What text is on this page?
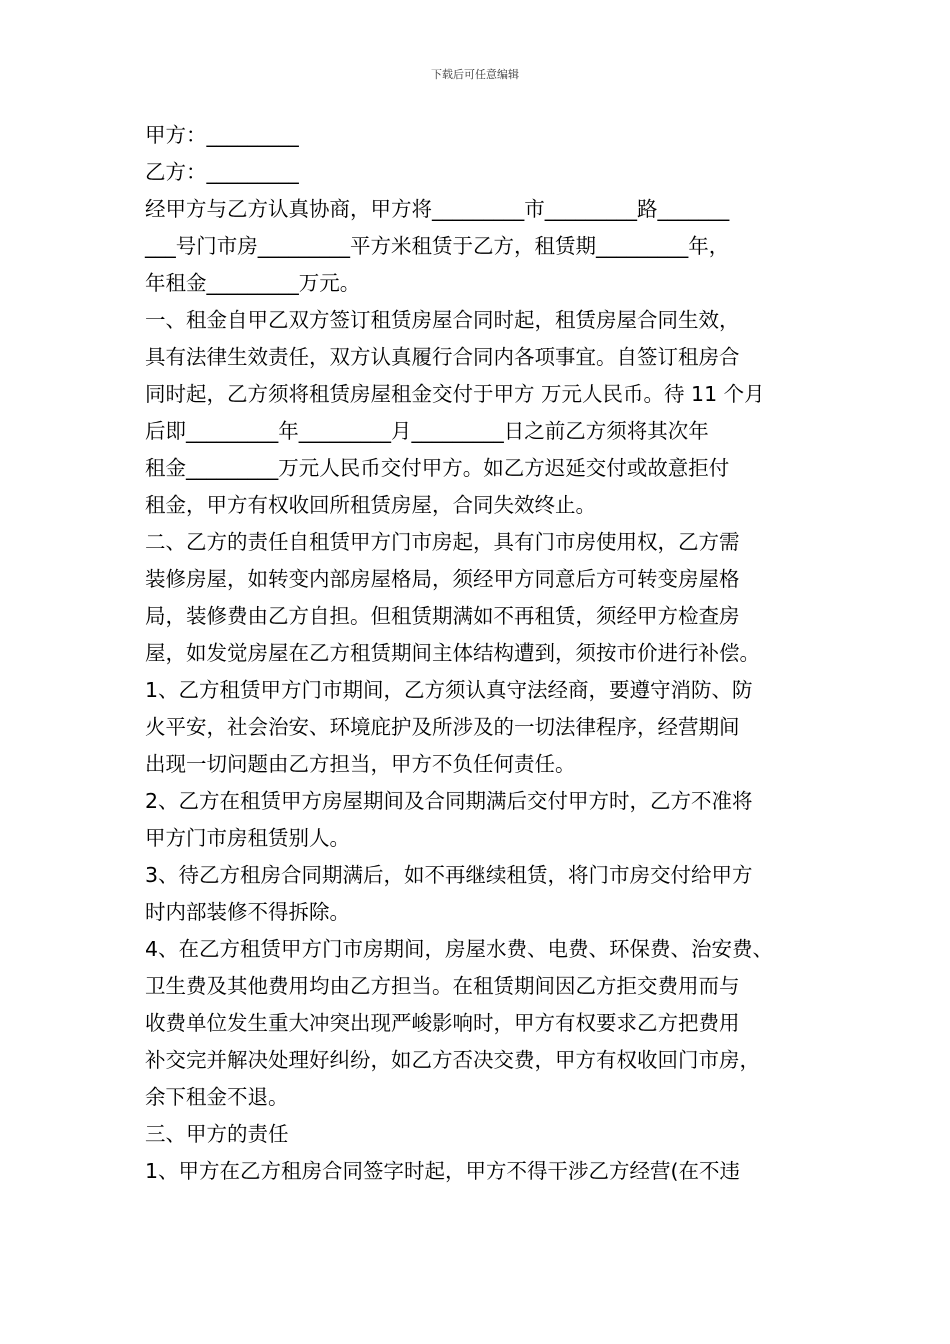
下载后可任意编辑
甲方：_________
乙方：_________
经甲方与乙方认真协商，甲方将_________市_________路_______
___号门市房_________平方米租赁于乙方，租赁期_________年，
年租金_________万元。
一、租金自甲乙双方签订租赁房屋合同时起，租赁房屋合同生效，
具有法律生效责任，双方认真履行合同内各项事宜。自签订租房合
同时起，乙方须将租赁房屋租金交付于甲方 万元人民币。待 11 个月
后即_________年_________月_________日之前乙方须将其次年
租金_________万元人民币交付甲方。如乙方迟延交付或故意拒付
租金，甲方有权收回所租赁房屋，合同失效终止。
二、乙方的责任自租赁甲方门市房起，具有门市房使用权，乙方需
装修房屋，如转变内部房屋格局，须经甲方同意后方可转变房屋格
局，装修费由乙方自担。但租赁期满如不再租赁，须经甲方检查房
屋，如发觉房屋在乙方租赁期间主体结构遭到，须按市价进行补偿。
1、乙方租赁甲方门市期间，乙方须认真守法经商，要遵守消防、防
火平安，社会治安、环境庇护及所涉及的一切法律程序，经营期间
出现一切问题由乙方担当，甲方不负任何责任。
2、乙方在租赁甲方房屋期间及合同期满后交付甲方时，乙方不准将
甲方门市房租赁别人。
3、待乙方租房合同期满后，如不再继续租赁，将门市房交付给甲方
时内部装修不得拆除。
4、在乙方租赁甲方门市房期间，房屋水费、电费、环保费、治安费、
卫生费及其他费用均由乙方担当。在租赁期间因乙方拒交费用而与
收费单位发生重大冲突出现严峻影响时，甲方有权要求乙方把费用
补交完并解决处理好纠纷，如乙方否决交费，甲方有权收回门市房，
余下租金不退。
三、甲方的责任
1、甲方在乙方租房合同签字时起，甲方不得干涉乙方经营(在不违
